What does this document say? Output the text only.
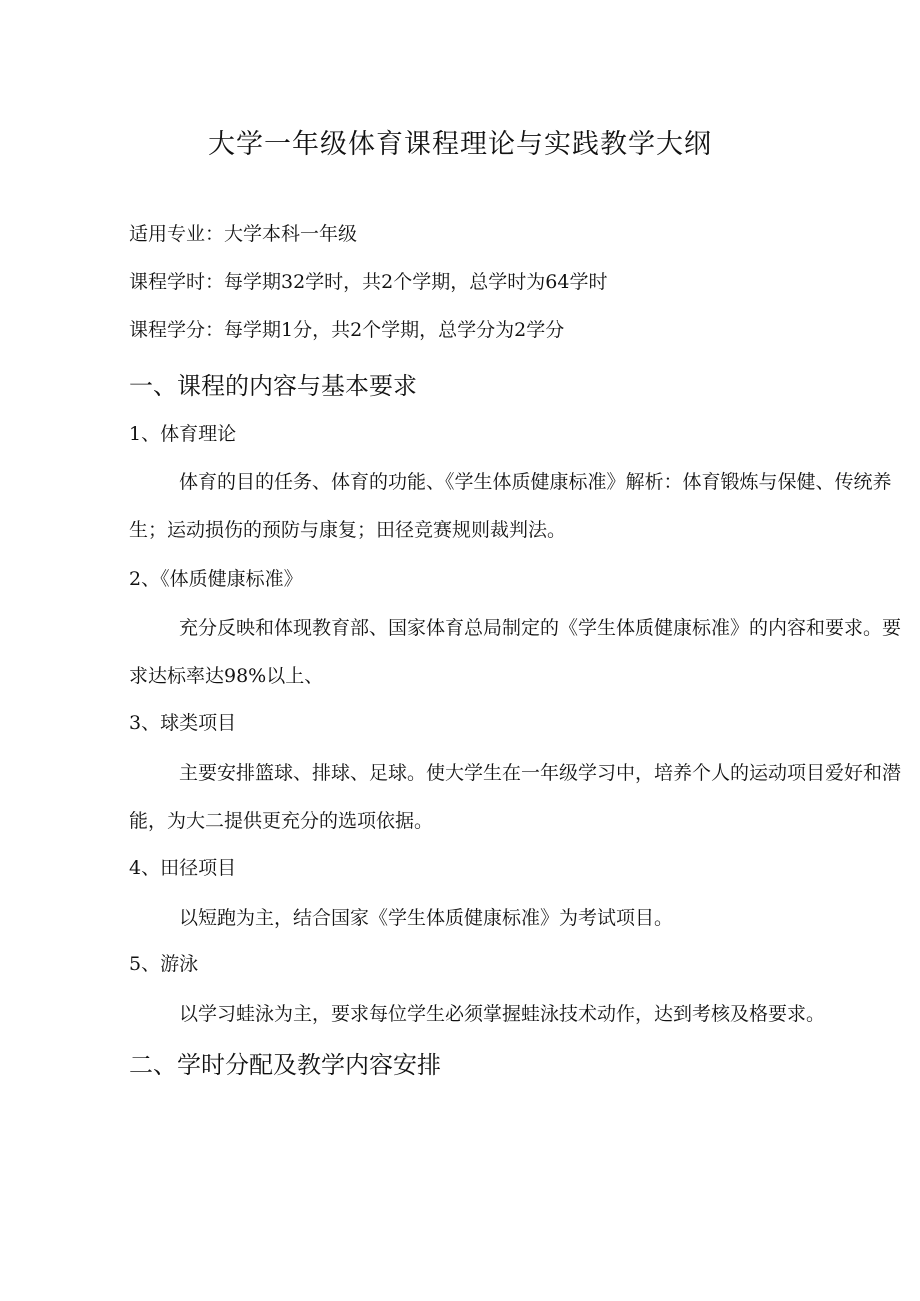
大学一年级体育课程理论与实践教学大纲
适用专业：大学本科一年级
课程学时：每学期32学时，共2个学期，总学时为64学时
课程学分：每学期1分，共2个学期，总学分为2学分
一、课程的内容与基本要求
1、体育理论

体育的目的任务、体育的功能、《学生体质健康标准》解析：体育锻炼与保健、传统养生；运动损伤的预防与康复；田径竞赛规则裁判法。

2、《体质健康标准》

充分反映和体现教育部、国家体育总局制定的《学生体质健康标准》的内容和要求。要求达标率达98%以上、

3、球类项目

主要安排篮球、排球、足球。使大学生在一年级学习中，培养个人的运动项目爱好和潜能，为大二提供更充分的选项依据。

4、田径项目

以短跑为主，结合国家《学生体质健康标准》为考试项目。

5、游泳

以学习蛙泳为主，要求每位学生必须掌握蛙泳技术动作，达到考核及格要求。

二、学时分配及教学内容安排
